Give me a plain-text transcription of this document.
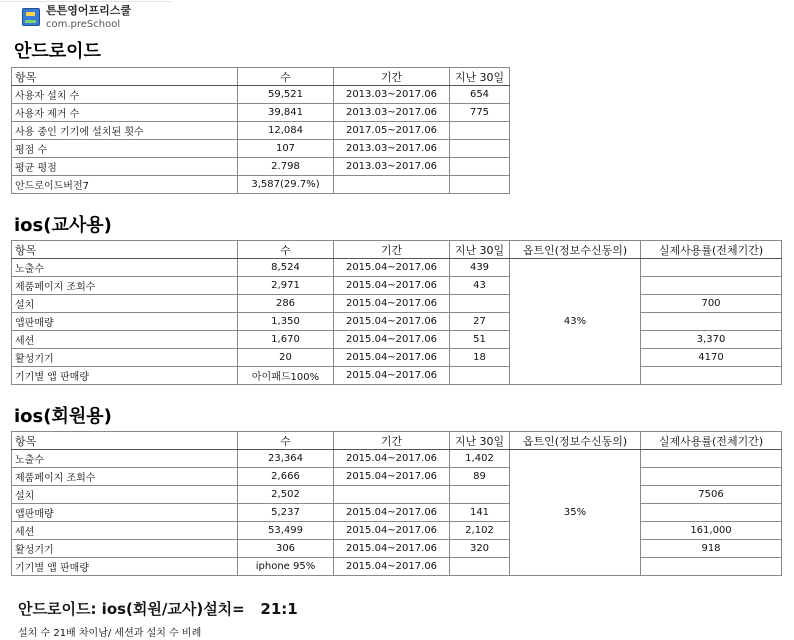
튼튼영어프리스쿨
com.preSchool
안드로이드
항목	수	기간	지난 30일
사용자 설치 수	59,521	2013.03~2017.06	654
사용자 제거 수	39,841	2013.03~2017.06	775
사용 중인 기기에 설치된 횟수	12,084	2017.05~2017.06	
평점 수	107	2013.03~2017.06	
평균 평점	2.798	2013.03~2017.06	
안드로이드버전7	3,587(29.7%)		
ios(교사용)
항목	수	기간	지난 30일	옵트인(정보수신동의)	실제사용률(전체기간)
노출수	8,524	2015.04~2017.06	439	43%	
제품페이지 조회수	2,971	2015.04~2017.06	43		
설치	286	2015.04~2017.06			700
앱판매량	1,350	2015.04~2017.06	27		
세션	1,670	2015.04~2017.06	51		3,370
활성기기	20	2015.04~2017.06	18		4170
기기별 앱 판매량	아이패드100%	2015.04~2017.06			
ios(회원용)
항목	수	기간	지난 30일	옵트인(정보수신동의)	실제사용률(전체기간)
노출수	23,364	2015.04~2017.06	1,402	35%	
제품페이지 조회수	2,666	2015.04~2017.06	89		
설치	2,502				7506
앱판매량	5,237	2015.04~2017.06	141		
세션	53,499	2015.04~2017.06	2,102		161,000
활성기기	306	2015.04~2017.06	320		918
기기별 앱 판매량	iphone 95%	2015.04~2017.06			
안드로이드: ios(회원/교사)설치= 21:1
설치 수 21배 차이남/ 세션과 설치 수 비례
